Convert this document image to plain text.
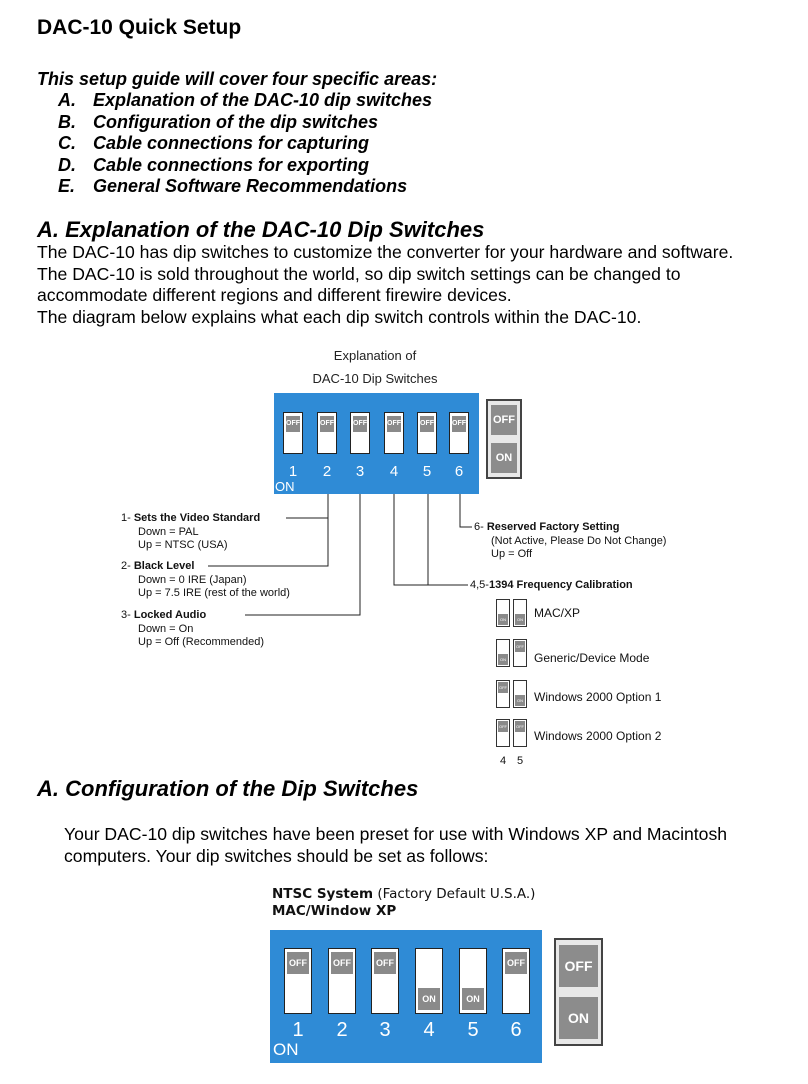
DAC-10 Quick Setup
This setup guide will cover four specific areas:
A. Explanation of the DAC-10 dip switches
B. Configuration of the dip switches
C. Cable connections for capturing
D. Cable connections for exporting
E. General Software Recommendations
A. Explanation of the DAC-10 Dip Switches
The DAC-10 has dip switches to customize the converter for your hardware and software.
The DAC-10 is sold throughout the world, so dip switch settings can be changed to
accommodate different regions and different firewire devices.
The diagram below explains what each dip switch controls within the DAC-10.
Explanation of
DAC-10 Dip Switches
OFF	OFF	OFF	OFF	OFF	OFF
1	2	3	4	5	6
ON
OFF
ON
1- Sets the Video Standard
Down = PAL
Up = NTSC (USA)
2- Black Level
Down = 0 IRE (Japan)
Up = 7.5 IRE (rest of the world)
3- Locked Audio
Down = On
Up = Off (Recommended)
6- Reserved Factory Setting
(Not Active, Please Do Not Change)
Up = Off
4,5-1394 Frequency Calibration
ON	ON
ON
OFF
OFF
ON
OFF OFF
4 5
MAC/XP
Generic/Device Mode
Windows 2000 Option 1
Windows 2000 Option 2
A. Configuration of the Dip Switches
Your DAC-10 dip switches have been preset for use with Windows XP and Macintosh
computers. Your dip switches should be set as follows:
NTSC System (Factory Default U.S.A.)
MAC/Window XP
OFF	OFF	OFF
ON	ON
OFF
1 2 3 4 5 6
ON
OFF
ON
